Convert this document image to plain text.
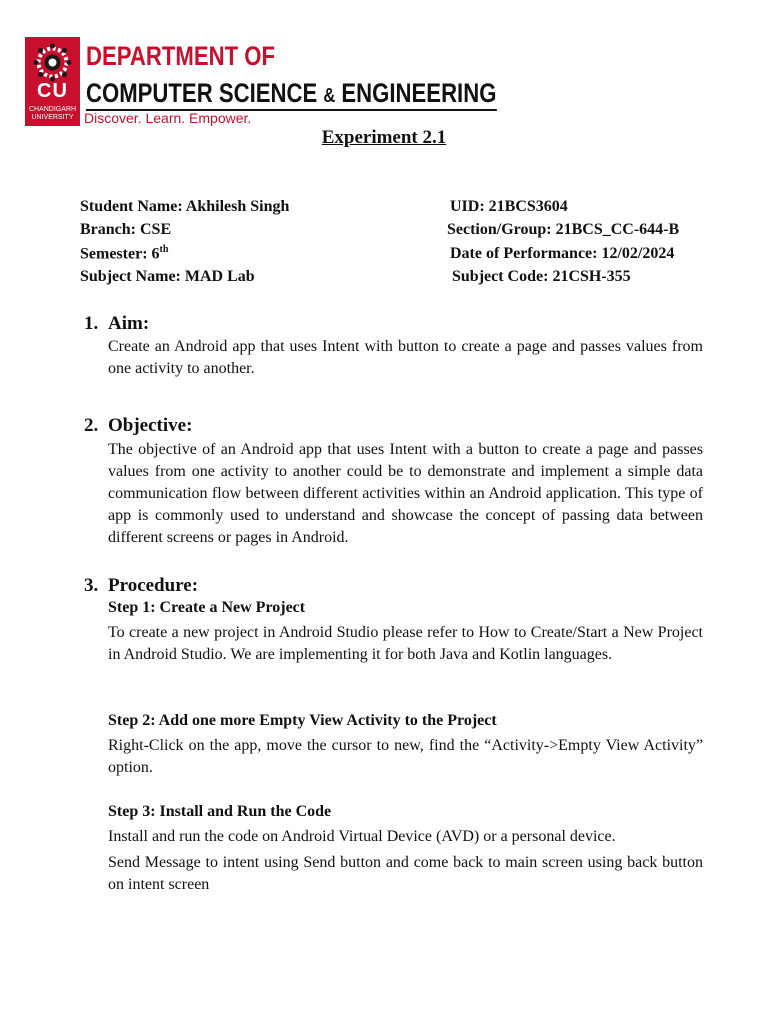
CU
CHANDIGARH UNIVERSITY
DEPARTMENT OF
COMPUTER SCIENCE & ENGINEERING
Discover. Learn. Empower.
Experiment 2.1
Student Name: Akhilesh Singh	UID: 21BCS3604
Branch: CSE	Section/Group: 21BCS_CC-644-B
Semester: 6th	Date of Performance: 12/02/2024
Subject Name: MAD Lab	Subject Code: 21CSH-355
1. Aim:

Create an Android app that uses Intent with button to create a page and passes values from one activity to another.

2. Objective:

The objective of an Android app that uses Intent with a button to create a page and passes values from one activity to another could be to demonstrate and implement a simple data communication flow between different activities within an Android application. This type of app is commonly used to understand and showcase the concept of passing data between different screens or pages in Android.

3. Procedure:
Step 1: Create a New Project

To create a new project in Android Studio please refer to How to Create/Start a New Project in Android Studio. We are implementing it for both Java and Kotlin languages.

Step 2: Add one more Empty View Activity to the Project

Right-Click on the app, move the cursor to new, find the “Activity->Empty View Activity” option.

Step 3: Install and Run the Code

Install and run the code on Android Virtual Device (AVD) or a personal device.

Send Message to intent using Send button and come back to main screen using back button on intent screen
